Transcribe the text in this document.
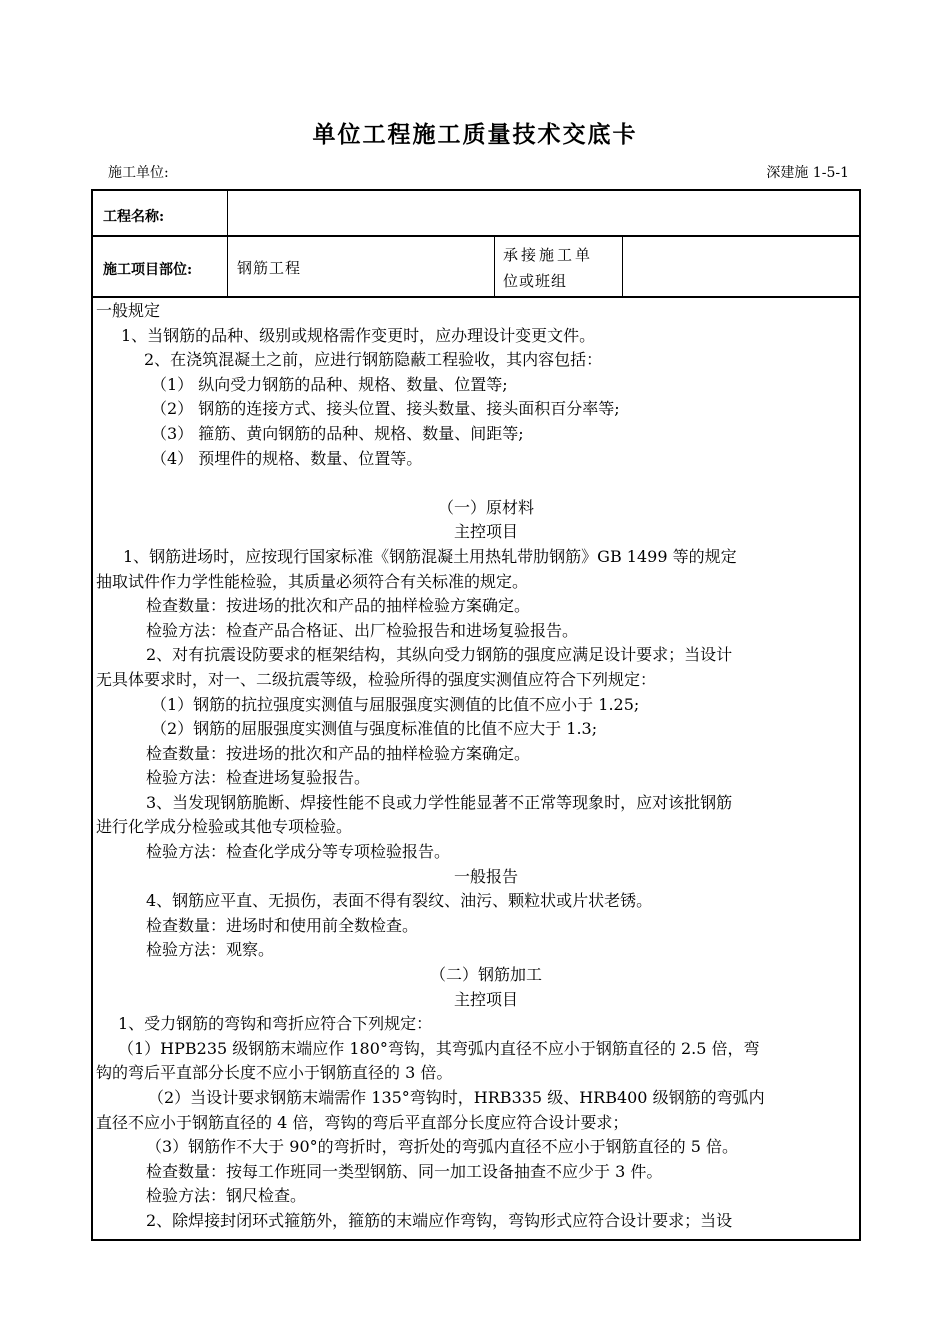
单位工程施工质量技术交底卡
施工单位:	深建施 1-5-1
工程名称:
施工项目部位:	钢筋工程
承接施工单
位或班组

一般规定

1、当钢筋的品种、级别或规格需作变更时，应办理设计变更文件。

2、在浇筑混凝土之前，应进行钢筋隐蔽工程验收，其内容包括：

（1） 纵向受力钢筋的品种、规格、数量、位置等;

（2） 钢筋的连接方式、接头位置、接头数量、接头面积百分率等;

（3） 箍筋、黄向钢筋的品种、规格、数量、间距等;

（4） 预埋件的规格、数量、位置等。

（一）原材料

主控项目

1、钢筋进场时，应按现行国家标准《钢筋混凝土用热轧带肋钢筋》GB 1499 等的规定

抽取试件作力学性能检验，其质量必须符合有关标准的规定。

检查数量：按进场的批次和产品的抽样检验方案确定。

检验方法：检查产品合格证、出厂检验报告和进场复验报告。

2、对有抗震设防要求的框架结构，其纵向受力钢筋的强度应满足设计要求；当设计

无具体要求时，对一、二级抗震等级，检验所得的强度实测值应符合下列规定：

（1）钢筋的抗拉强度实测值与屈服强度实测值的比值不应小于 1.25;

（2）钢筋的屈服强度实测值与强度标准值的比值不应大于 1.3;

检查数量：按进场的批次和产品的抽样检验方案确定。

检验方法：检查进场复验报告。

3、当发现钢筋脆断、焊接性能不良或力学性能显著不正常等现象时，应对该批钢筋

进行化学成分检验或其他专项检验。

检验方法：检查化学成分等专项检验报告。

一般报告

4、钢筋应平直、无损伤，表面不得有裂纹、油污、颗粒状或片状老锈。

检查数量：进场时和使用前全数检查。

检验方法：观察。

（二）钢筋加工

主控项目

1、受力钢筋的弯钩和弯折应符合下列规定：

（1）HPB235 级钢筋末端应作 180°弯钩，其弯弧内直径不应小于钢筋直径的 2.5 倍，弯

钩的弯后平直部分长度不应小于钢筋直径的 3 倍。

（2）当设计要求钢筋末端需作 135°弯钩时，HRB335 级、HRB400 级钢筋的弯弧内

直径不应小于钢筋直径的 4 倍，弯钩的弯后平直部分长度应符合设计要求；

（3）钢筋作不大于 90°的弯折时，弯折处的弯弧内直径不应小于钢筋直径的 5 倍。

检查数量：按每工作班同一类型钢筋、同一加工设备抽查不应少于 3 件。

检验方法：钢尺检查。

2、除焊接封闭环式箍筋外，箍筋的末端应作弯钩，弯钩形式应符合设计要求；当设
